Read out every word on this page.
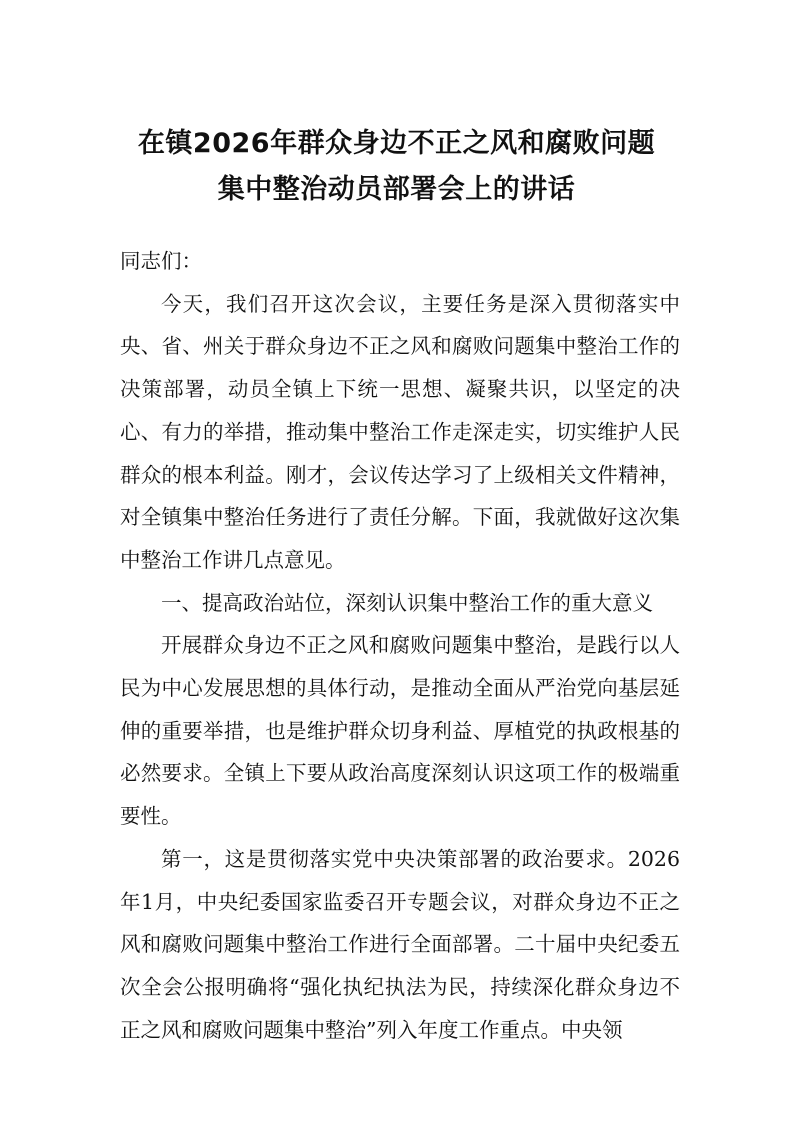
在镇2026年群众身边不正之风和腐败问题
集中整治动员部署会上的讲话

同志们：

今天，我们召开这次会议，主要任务是深入贯彻落实中央、省、州关于群众身边不正之风和腐败问题集中整治工作的决策部署，动员全镇上下统一思想、凝聚共识，以坚定的决心、有力的举措，推动集中整治工作走深走实，切实维护人民群众的根本利益。刚才，会议传达学习了上级相关文件精神，对全镇集中整治任务进行了责任分解。下面，我就做好这次集中整治工作讲几点意见。

一、提高政治站位，深刻认识集中整治工作的重大意义

开展群众身边不正之风和腐败问题集中整治，是践行以人民为中心发展思想的具体行动，是推动全面从严治党向基层延伸的重要举措，也是维护群众切身利益、厚植党的执政根基的必然要求。全镇上下要从政治高度深刻认识这项工作的极端重要性。

第一，这是贯彻落实党中央决策部署的政治要求。2026年1月，中央纪委国家监委召开专题会议，对群众身边不正之风和腐败问题集中整治工作进行全面部署。二十届中央纪委五次全会公报明确将“强化执纪执法为民，持续深化群众身边不正之风和腐败问题集中整治”列入年度工作重点。中央领
